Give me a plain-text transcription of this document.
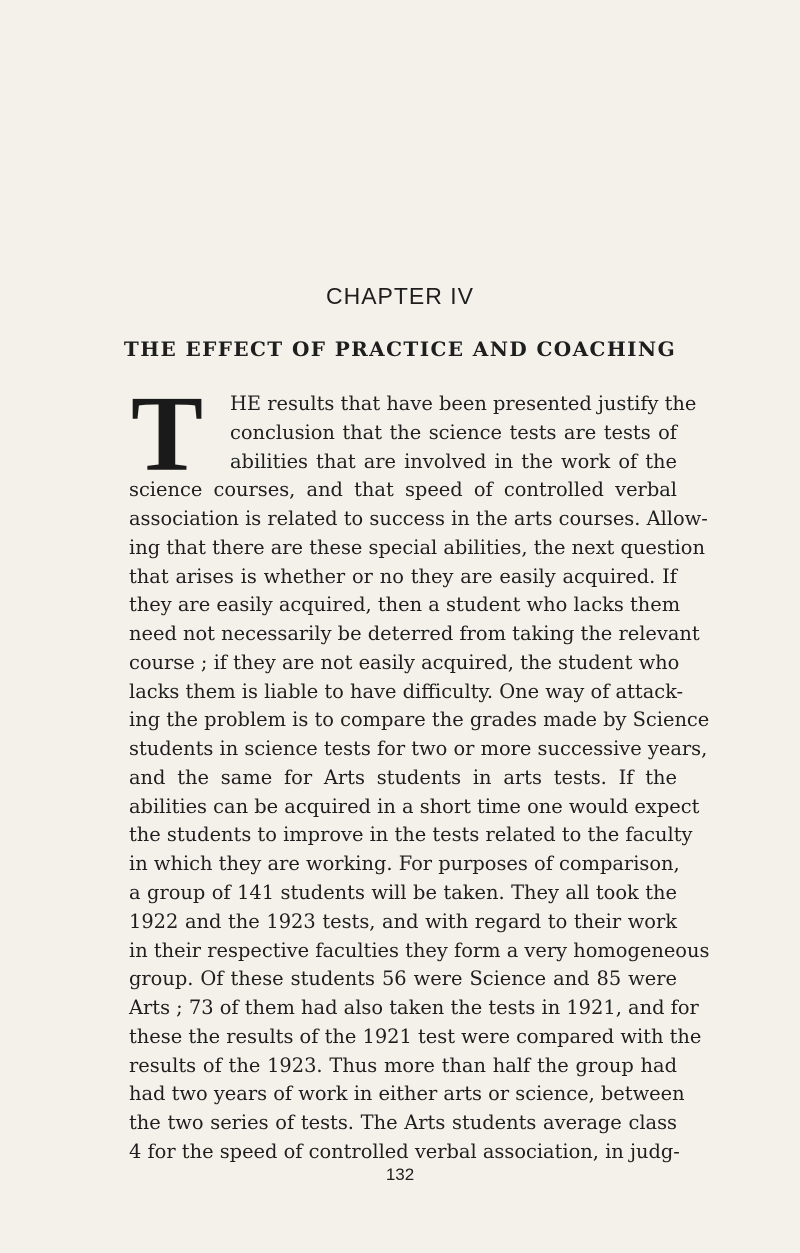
CHAPTER IV
THE EFFECT OF PRACTICE AND COACHING
T	HE results that have been presented justify the
conclusion that the science tests are tests of
abilities that are involved in the work of the
science courses, and that speed of controlled verbal
association is related to success in the arts courses. Allow-
ing that there are these special abilities, the next question
that arises is whether or no they are easily acquired. If
they are easily acquired, then a student who lacks them
need not necessarily be deterred from taking the relevant
course ; if they are not easily acquired, the student who
lacks them is liable to have difficulty. One way of attack-
ing the problem is to compare the grades made by Science
students in science tests for two or more successive years,
and the same for Arts students in arts tests. If the
abilities can be acquired in a short time one would expect
the students to improve in the tests related to the faculty
in which they are working. For purposes of comparison,
a group of 141 students will be taken. They all took the
1922 and the 1923 tests, and with regard to their work
in their respective faculties they form a very homogeneous
group. Of these students 56 were Science and 85 were
Arts ; 73 of them had also taken the tests in 1921, and for
these the results of the 1921 test were compared with the
results of the 1923. Thus more than half the group had
had two years of work in either arts or science, between
the two series of tests. The Arts students average class
4 for the speed of controlled verbal association, in judg-
132
